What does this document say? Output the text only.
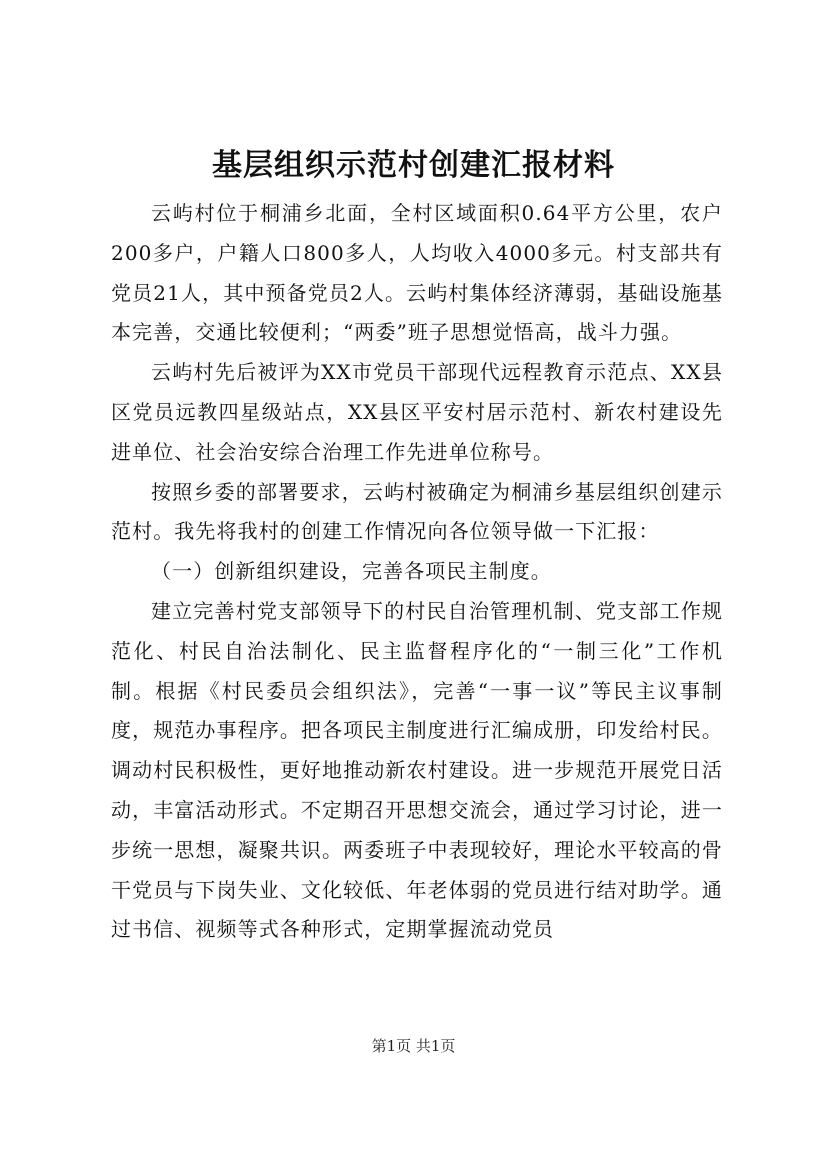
基层组织示范村创建汇报材料

云屿村位于桐浦乡北面，全村区域面积0.64平方公里，农户200多户，户籍人口800多人，人均收入4000多元。村支部共有党员21人，其中预备党员2人。云屿村集体经济薄弱，基础设施基本完善，交通比较便利；“两委”班子思想觉悟高，战斗力强。

云屿村先后被评为XX市党员干部现代远程教育示范点、XX县区党员远教四星级站点，XX县区平安村居示范村、新农村建设先进单位、社会治安综合治理工作先进单位称号。

按照乡委的部署要求，云屿村被确定为桐浦乡基层组织创建示范村。我先将我村的创建工作情况向各位领导做一下汇报：

（一）创新组织建设，完善各项民主制度。

建立完善村党支部领导下的村民自治管理机制、党支部工作规范化、村民自治法制化、民主监督程序化的“一制三化”工作机制。根据《村民委员会组织法》，完善“一事一议”等民主议事制度，规范办事程序。把各项民主制度进行汇编成册，印发给村民。调动村民积极性，更好地推动新农村建设。进一步规范开展党日活动，丰富活动形式。不定期召开思想交流会，通过学习讨论，进一步统一思想，凝聚共识。两委班子中表现较好，理论水平较高的骨干党员与下岗失业、文化较低、年老体弱的党员进行结对助学。通过书信、视频等式各种形式，定期掌握流动党员

第1页 共1页
